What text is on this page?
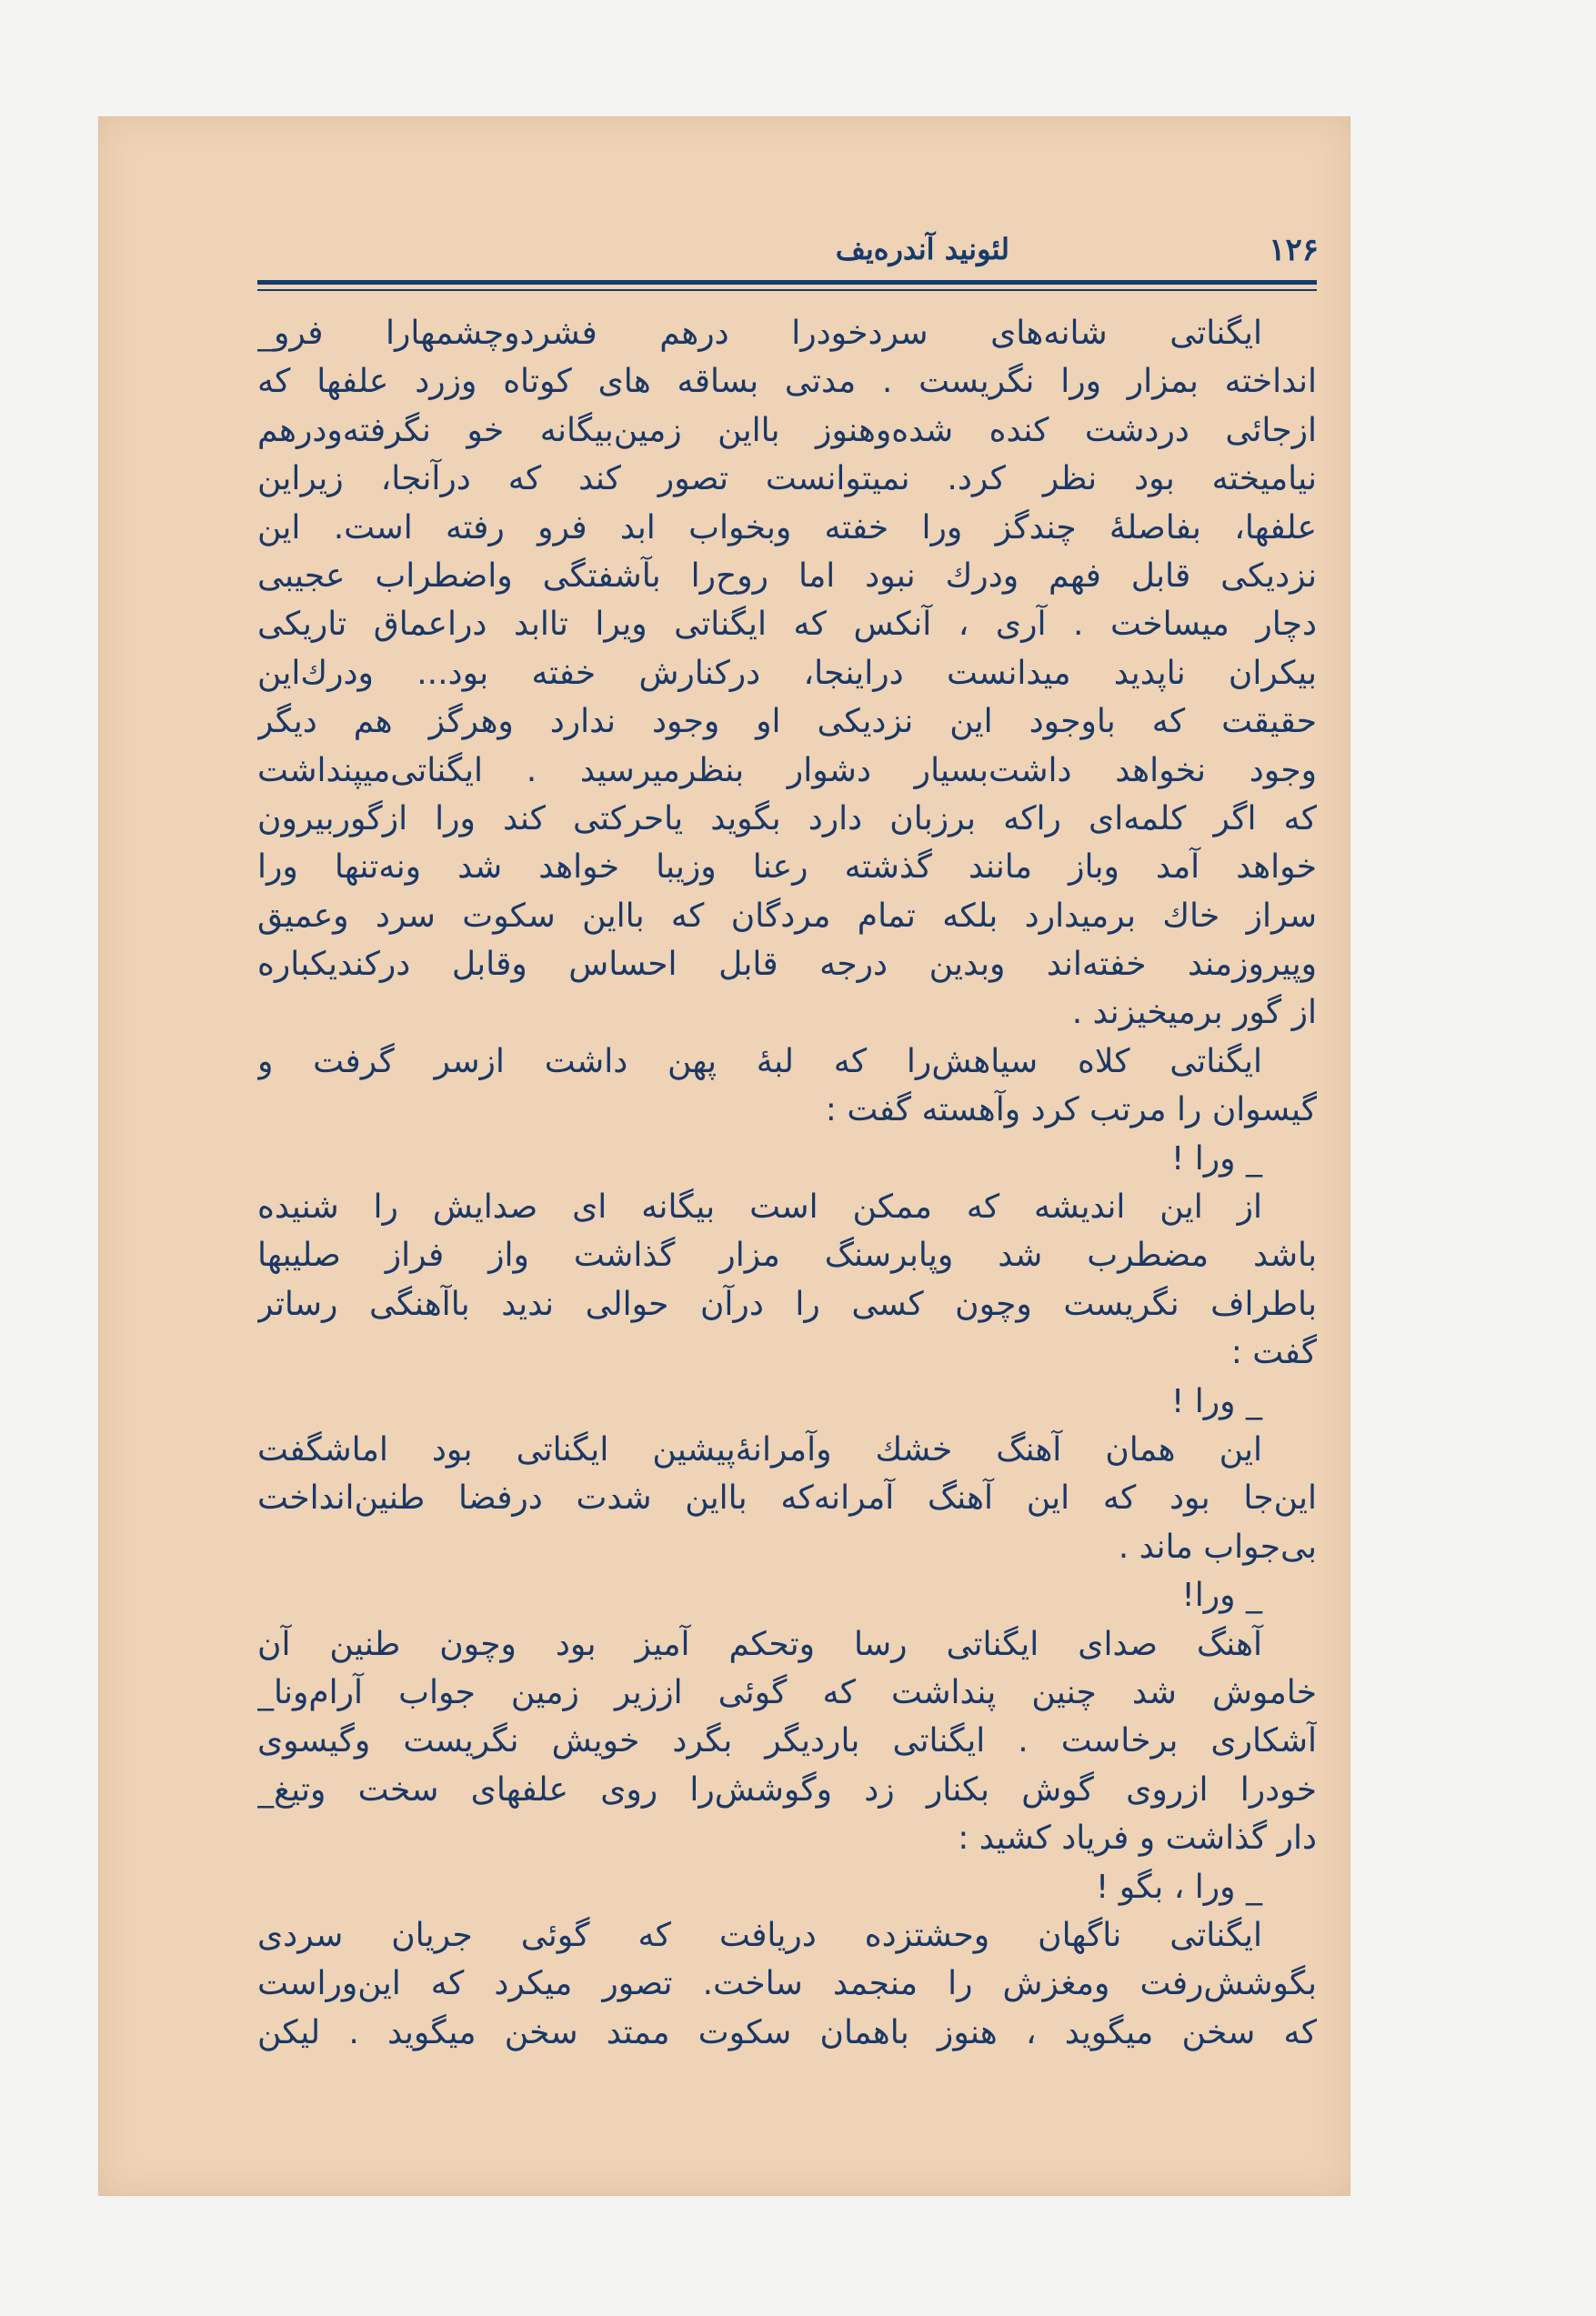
۱۲۶
لئونید آندره‌یف
ایگناتی شانه‌های سردخودرا درهم فشردوچشمهارا فرو_
انداخته بمزار ورا نگریست . مدتی بساقه های کوتاه وزرد علفها که
ازجائی دردشت کنده شده‌وهنوز بااین زمین‌بیگانه خو نگرفته‌ودرهم
نیامیخته بود نظر کرد. نمیتوانست تصور کند که درآنجا، زیراین
علفها، بفاصلهٔ چندگز ورا خفته وبخواب ابد فرو رفته است. این
نزدیکی قابل فهم ودرك نبود اما روح‌را بآشفتگی واضطراب عجیبی
دچار میساخت . آری ، آنکس که ایگناتی ویرا تاابد دراعماق تاریکی
بیکران ناپدید میدانست دراینجا، درکنارش خفته بود... ودرك‌این
حقیقت که باوجود این نزدیکی او وجود ندارد وهرگز هم دیگر
وجود نخواهد داشت‌بسیار دشوار بنظرمیرسید . ایگناتی‌میپنداشت
که اگر کلمه‌ای راکه برزبان دارد بگوید یاحرکتی کند ورا ازگوربیرون
خواهد آمد وباز مانند گذشته رعنا وزیبا خواهد شد ونه‌تنها ورا
سراز خاك برمیدارد بلکه تمام مردگان که بااین سکوت سرد وعمیق
وپیروزمند خفته‌اند وبدین درجه قابل احساس وقابل درکندیکباره
از گور برمیخیزند .
ایگناتی کلاه سیاهش‌را که لبهٔ پهن داشت ازسر گرفت و
گیسوان را مرتب کرد وآهسته گفت :
_ ورا !
از این اندیشه که ممکن است بیگانه ای صدایش را شنیده
باشد مضطرب شد وپابرسنگ مزار گذاشت واز فراز صلیبها
باطراف نگریست وچون کسی را درآن حوالی ندید باآهنگی رساتر
گفت :
_ ورا !
این همان آهنگ خشك وآمرانهٔ‌پیشین ایگناتی بود اماشگفت
این‌جا بود که این آهنگ آمرانه‌که بااین شدت درفضا طنین‌انداخت
بی‌جواب ماند .
_ ورا!
آهنگ صدای ایگناتی رسا وتحکم آمیز بود وچون طنین آن
خاموش شد چنین پنداشت که گوئی اززیر زمین جواب آرام‌ونا_
آشکاری برخاست . ایگناتی باردیگر بگرد خویش نگریست وگیسوی
خودرا ازروی گوش بکنار زد وگوشش‌را روی علفهای سخت وتیغ_
دار گذاشت و فریاد کشید :
_ ورا ، بگو !
ایگناتی ناگهان وحشتزده دریافت که گوئی جریان سردی
بگوشش‌رفت ومغزش را منجمد ساخت. تصور میکرد که این‌وراست
که سخن میگوید ، هنوز باهمان سکوت ممتد سخن میگوید . لیکن
